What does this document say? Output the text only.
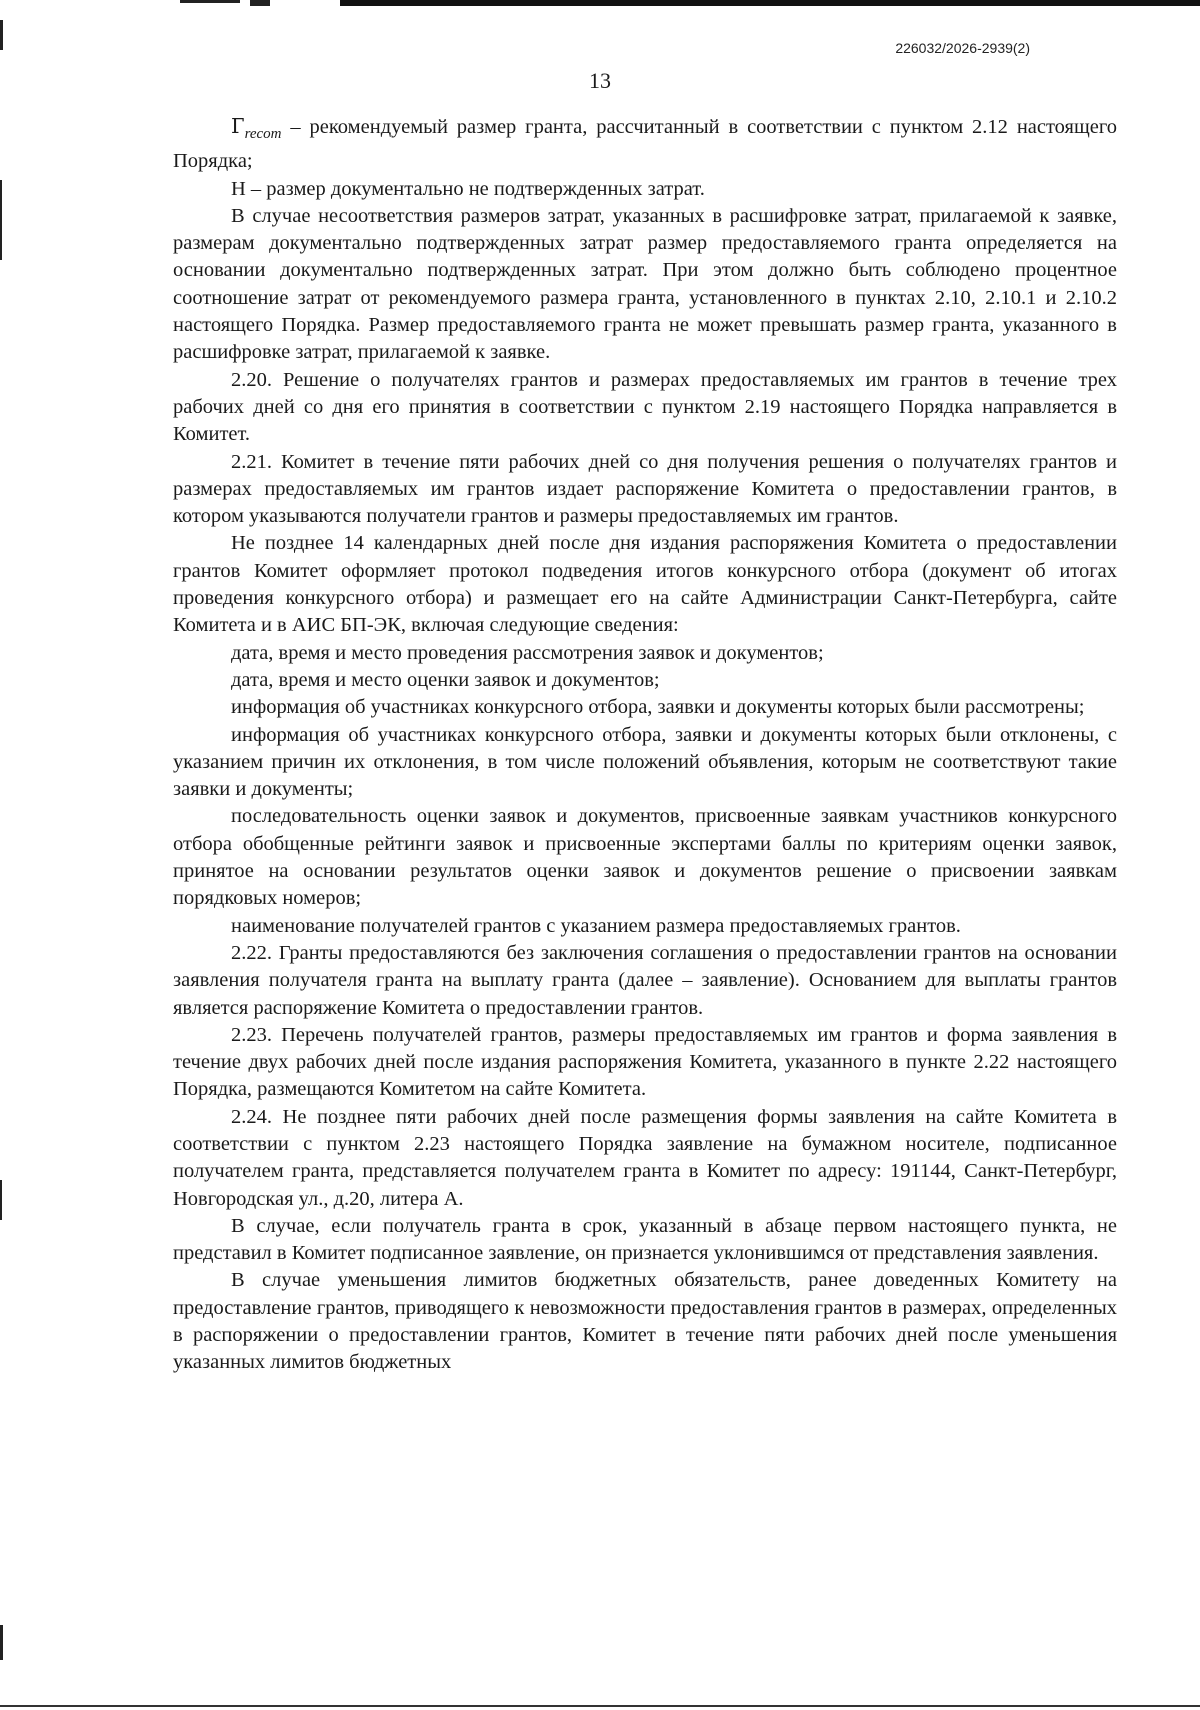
226032/2026-2939(2)
13

$Г_{recom}$ – рекомендуемый размер гранта, рассчитанный в соответствии с пунктом 2.12 настоящего Порядка;

Н – размер документально не подтвержденных затрат.

В случае несоответствия размеров затрат, указанных в расшифровке затрат, прилагаемой к заявке, размерам документально подтвержденных затрат размер предоставляемого гранта определяется на основании документально подтвержденных затрат. При этом должно быть соблюдено процентное соотношение затрат от рекомендуемого размера гранта, установленного в пунктах 2.10, 2.10.1 и 2.10.2 настоящего Порядка. Размер предоставляемого гранта не может превышать размер гранта, указанного в расшифровке затрат, прилагаемой к заявке.

2.20. Решение о получателях грантов и размерах предоставляемых им грантов в течение трех рабочих дней со дня его принятия в соответствии с пунктом 2.19 настоящего Порядка направляется в Комитет.

2.21. Комитет в течение пяти рабочих дней со дня получения решения о получателях грантов и размерах предоставляемых им грантов издает распоряжение Комитета о предоставлении грантов, в котором указываются получатели грантов и размеры предоставляемых им грантов.

Не позднее 14 календарных дней после дня издания распоряжения Комитета о предоставлении грантов Комитет оформляет протокол подведения итогов конкурсного отбора (документ об итогах проведения конкурсного отбора) и размещает его на сайте Администрации Санкт-Петербурга, сайте Комитета и в АИС БП-ЭК, включая следующие сведения:

дата, время и место проведения рассмотрения заявок и документов;

дата, время и место оценки заявок и документов;

информация об участниках конкурсного отбора, заявки и документы которых были рассмотрены;

информация об участниках конкурсного отбора, заявки и документы которых были отклонены, с указанием причин их отклонения, в том числе положений объявления, которым не соответствуют такие заявки и документы;

последовательность оценки заявок и документов, присвоенные заявкам участников конкурсного отбора обобщенные рейтинги заявок и присвоенные экспертами баллы по критериям оценки заявок, принятое на основании результатов оценки заявок и документов решение о присвоении заявкам порядковых номеров;

наименование получателей грантов с указанием размера предоставляемых грантов.

2.22. Гранты предоставляются без заключения соглашения о предоставлении грантов на основании заявления получателя гранта на выплату гранта (далее – заявление). Основанием для выплаты грантов является распоряжение Комитета о предоставлении грантов.

2.23. Перечень получателей грантов, размеры предоставляемых им грантов и форма заявления в течение двух рабочих дней после издания распоряжения Комитета, указанного в пункте 2.22 настоящего Порядка, размещаются Комитетом на сайте Комитета.

2.24. Не позднее пяти рабочих дней после размещения формы заявления на сайте Комитета в соответствии с пунктом 2.23 настоящего Порядка заявление на бумажном носителе, подписанное получателем гранта, представляется получателем гранта в Комитет по адресу: 191144, Санкт-Петербург, Новгородская ул., д.20, литера А.

В случае, если получатель гранта в срок, указанный в абзаце первом настоящего пункта, не представил в Комитет подписанное заявление, он признается уклонившимся от представления заявления.

В случае уменьшения лимитов бюджетных обязательств, ранее доведенных Комитету на предоставление грантов, приводящего к невозможности предоставления грантов в размерах, определенных в распоряжении о предоставлении грантов, Комитет в течение пяти рабочих дней после уменьшения указанных лимитов бюджетных
